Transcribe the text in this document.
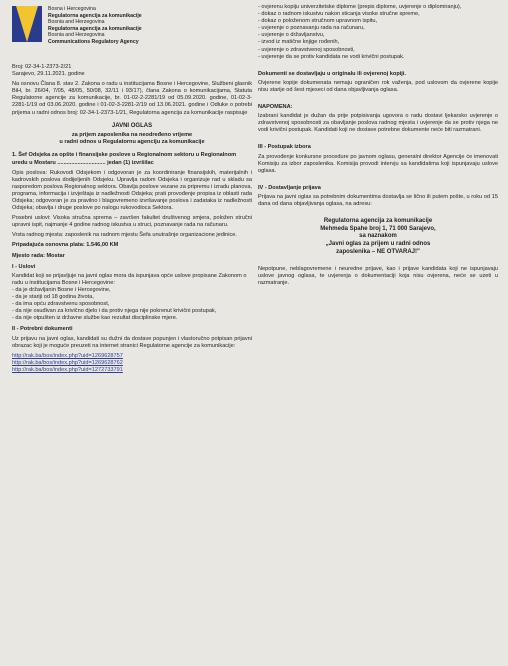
Bosna i Hercegovina
Regulatorna agencija za komunikacije
Bosnia and Herzegovina
Regulatorna agencija za komunikacije
Bosnia and Herzegovina
Communications Regulatory Agency

Broj: 02-34-1-2373-2/21

Sarajevo, 29.11.2021. godine

Na osnovu Člana 8. stav 2. Zakona o radu u institucijama Bosne i Hercegovine, Službeni glasnik BiH, br. 26/04, 7/05, 48/05, 50/08, 32/11 i 93/17), člana Zakona o komunikacijama, Statuta Regulatorne agencije za komunikacije, br. 01-02-2-2281/19 od 05.09.2020. godine, 01-02-3-2281-1/19 od 03.06.2020. godine i 01-02-3-2281-2/19 od 13.06.2021. godine i Odluke o potrebi prijema u radni odnos broj: 02-34-1-2373-1/21, Regulatorna agencija za komunikacije raspisuje

JAVNI OGLAS
za prijem zaposlenika na neodređeno vrijeme
u radni odnos u Regulatornu agenciju za komunikacije

1. Šef Odsjeka za opšte i finansijske poslove u Regionalnom sektoru u Regionalnom uredu u Mostaru ............................... jedan (1) izvršilac

Opis poslova: Rukovodi Odsjekom i odgovoran je za koordiniranje finansijskih, materijalnih i kadrovskih poslova dodijeljenih Odsjeku. Upravlja radom Odsjeka i organizuje rad u skladu sa rasporedom poslova Regionalnog sektora. Obavlja poslove vezane za pripremu i izradu planova, programa, informacija i izvještaja iz nadležnosti Odsjeka; prati provođenje propisa iz oblasti rada Odsjeka; odgovoran je za pravilno i blagovremeno izvršavanje poslova i zadataka iz nadležnosti Odsjeka; obavlja i druge poslove po nalogu rukovodioca Sektora.

Posebni uslovi: Visoka stručna sprema – završen fakultet društvenog smjera, položen stručni upravni ispit, najmanje 4 godine radnog iskustva u struci, poznavanje rada na računaru.

Vrsta radnog mjesta: zaposlenik na radnom mjestu Šefa unutrašnje organizacione jedinice.

Pripadajuća osnovna plata: 1.546,00 KM

Mjesto rada: Mostar

I - Uslovi

Kandidat koji se prijavljuje na javni oglas mora da ispunjava opće uslove propisane Zakonom o radu u institucijama Bosne i Hercegovine:

- da je državljanin Bosne i Hercegovine,

- da je stariji od 18 godina života,

- da ima opću zdravstvenu sposobnost,

- da nije osuđivan za krivično djelo i da protiv njega nije pokrenut krivični postupak,

- da nije otpušten iz državne službe kao rezultat disciplinske mjere.

II - Potrebni dokumenti

Uz prijavu na javni oglas, kandidati su dužni da dostave popunjen i vlastoručno potpisan prijavni obrazac koji je moguće preuzeti na internet stranici Regulatorne agencije za komunikacije:

http://rak.ba/bos/index.php?uid=1269628757
http://rak.ba/bos/index.php?uid=1269628762
http://rak.ba/bos/index.php?uid=1272733791

- ovjerenu kopiju univerzitetske diplome (prepis diplome, uvjerenje o diplomiranju),

- dokaz o radnom iskustvu nakon sticanja visoke stručne spreme,

- dokaz o položenom stručnom upravnom ispitu,

- uvjerenje o poznavanju rada na računaru,

- uvjerenje o državljanstvu,

- izvod iz matične knjige rođenih,

- uvjerenje o zdravstvenoj sposobnosti,

- uvjerenje da se protiv kandidata ne vodi krivični postupak.

Dokumenti se dostavljaju u originalu ili ovjerenoj kopiji.

Ovjerene kopije dokumenata nemaju ograničen rok važenja, pod uslovom da ovjerene kopije nisu starije od šest mjeseci od dana objavljivanja oglasa.

NAPOMENA:

Izabrani kandidat je dužan da prije potpisivanja ugovora o radu dostavi ljekarsko uvjerenje o zdravstvenoj sposobnosti za obavljanje poslova radnog mjesta i uvjerenje da se protiv njega ne vodi krivični postupak. Kandidati koji ne dostave potrebne dokumente neće biti razmatrani.

III - Postupak izbora

Za provođenje konkursne procedure po javnom oglasu, generalni direktor Agencije će imenovati Komisiju za izbor zaposlenika. Komisija provodi intervju sa kandidatima koji ispunjavaju uslove oglasa.

IV - Dostavljanje prijava

Prijava na javni oglas sa potrebnim dokumentima dostavlja se lično ili putem pošte, u roku od 15 dana od dana objavljivanja oglasa, na adresu:

Regulatorna agencija za komunikacije
Mehmeda Spahe broj 1, 71 000 Sarajevo,
sa naznakom
„Javni oglas za prijem u radni odnos
zaposlenika – NE OTVARAJ!"

Nepotpune, neblagovremene i neurednе prijave, kao i prijave kandidata koji ne ispunjavaju uslove javnog oglasa, te uvjerenja o dokumentaciji koja nisu ovjerena, neće se uzeti u razmatranje.
